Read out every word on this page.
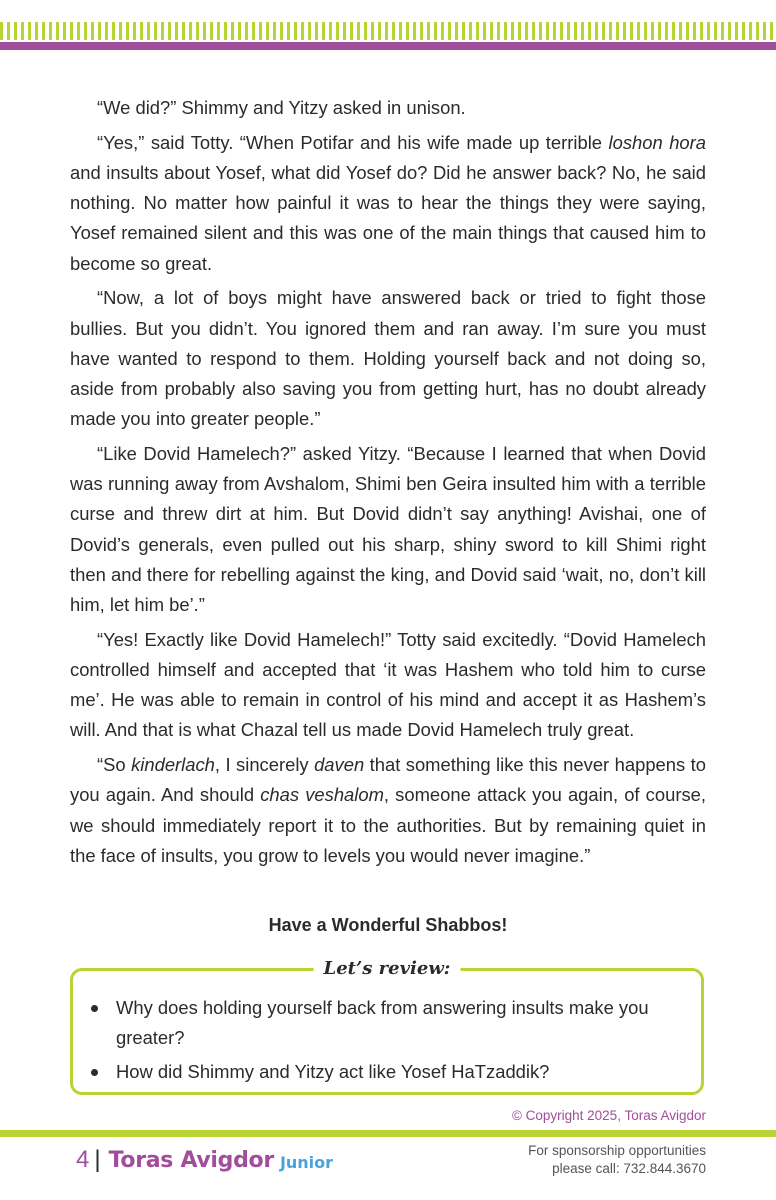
“We did?” Shimmy and Yitzy asked in unison.

“Yes,” said Totty. “When Potifar and his wife made up terrible loshon hora and insults about Yosef, what did Yosef do? Did he answer back? No, he said nothing. No matter how painful it was to hear the things they were saying, Yosef remained silent and this was one of the main things that caused him to become so great.

“Now, a lot of boys might have answered back or tried to fight those bullies. But you didn’t. You ignored them and ran away. I’m sure you must have wanted to respond to them. Holding yourself back and not doing so, aside from probably also saving you from getting hurt, has no doubt already made you into greater people.”

“Like Dovid Hamelech?” asked Yitzy. “Because I learned that when Dovid was running away from Avshalom, Shimi ben Geira insulted him with a terrible curse and threw dirt at him. But Dovid didn’t say anything! Avishai, one of Dovid’s generals, even pulled out his sharp, shiny sword to kill Shimi right then and there for rebelling against the king, and Dovid said ‘wait, no, don’t kill him, let him be’.”

“Yes! Exactly like Dovid Hamelech!” Totty said excitedly. “Dovid Hamelech controlled himself and accepted that ‘it was Hashem who told him to curse me’. He was able to remain in control of his mind and accept it as Hashem’s will. And that is what Chazal tell us made Dovid Hamelech truly great.

“So kinderlach, I sincerely daven that something like this never happens to you again. And should chas veshalom, someone attack you again, of course, we should immediately report it to the authorities. But by remaining quiet in the face of insults, you grow to levels you would never imagine.”

Have a Wonderful Shabbos!
Let’s review:
Why does holding yourself back from answering insults make you greater?
How did Shimmy and Yitzy act like Yosef HaTzaddik?
© Copyright 2025, Toras Avigdor
4 | Toras Avigdor Junior
For sponsorship opportunities
please call: 732.844.3670
